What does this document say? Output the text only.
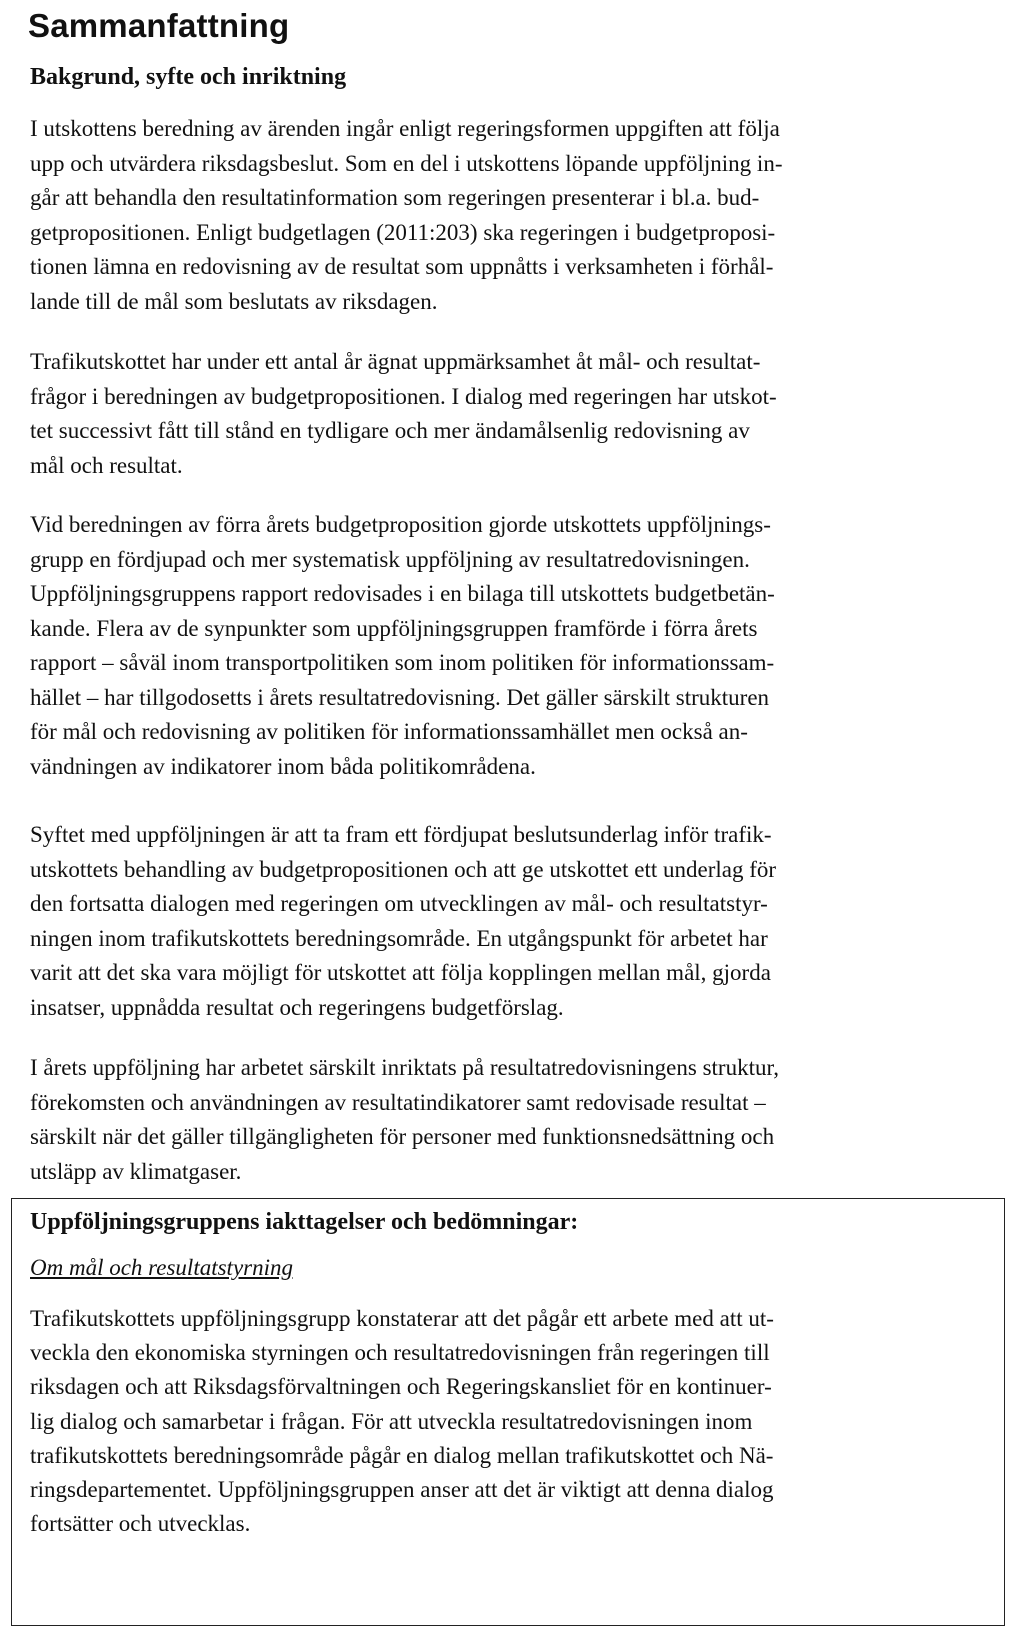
Sammanfattning
Bakgrund, syfte och inriktning

I utskottens beredning av ärenden ingår enligt regeringsformen uppgiften att följa
upp och utvärdera riksdagsbeslut. Som en del i utskottens löpande uppföljning in-
går att behandla den resultatinformation som regeringen presenterar i bl.a. bud-
getpropositionen. Enligt budgetlagen (2011:203) ska regeringen i budgetproposi-
tionen lämna en redovisning av de resultat som uppnåtts i verksamheten i förhål-
lande till de mål som beslutats av riksdagen.

Trafikutskottet har under ett antal år ägnat uppmärksamhet åt mål- och resultat-
frågor i beredningen av budgetpropositionen. I dialog med regeringen har utskot-
tet successivt fått till stånd en tydligare och mer ändamålsenlig redovisning av
mål och resultat.

Vid beredningen av förra årets budgetproposition gjorde utskottets uppföljnings-
grupp en fördjupad och mer systematisk uppföljning av resultatredovisningen.
Uppföljningsgruppens rapport redovisades i en bilaga till utskottets budgetbetän-
kande. Flera av de synpunkter som uppföljningsgruppen framförde i förra årets
rapport – såväl inom transportpolitiken som inom politiken för informationssam-
hället – har tillgodosetts i årets resultatredovisning. Det gäller särskilt strukturen
för mål och redovisning av politiken för informationssamhället men också an-
vändningen av indikatorer inom båda politikområdena.

Syftet med uppföljningen är att ta fram ett fördjupat beslutsunderlag inför trafik-
utskottets behandling av budgetpropositionen och att ge utskottet ett underlag för
den fortsatta dialogen med regeringen om utvecklingen av mål- och resultatstyr-
ningen inom trafikutskottets beredningsområde. En utgångspunkt för arbetet har
varit att det ska vara möjligt för utskottet att följa kopplingen mellan mål, gjorda
insatser, uppnådda resultat och regeringens budgetförslag.

I årets uppföljning har arbetet särskilt inriktats på resultatredovisningens struktur,
förekomsten och användningen av resultatindikatorer samt redovisade resultat –
särskilt när det gäller tillgängligheten för personer med funktionsnedsättning och
utsläpp av klimatgaser.

Uppföljningsgruppens iakttagelser och bedömningar:
Om mål och resultatstyrning
Trafikutskottets uppföljningsgrupp konstaterar att det pågår ett arbete med att ut-
veckla den ekonomiska styrningen och resultatredovisningen från regeringen till
riksdagen och att Riksdagsförvaltningen och Regeringskansliet för en kontinuer-
lig dialog och samarbetar i frågan. För att utveckla resultatredovisningen inom
trafikutskottets beredningsområde pågår en dialog mellan trafikutskottet och Nä-
ringsdepartementet. Uppföljningsgruppen anser att det är viktigt att denna dialog
fortsätter och utvecklas.
